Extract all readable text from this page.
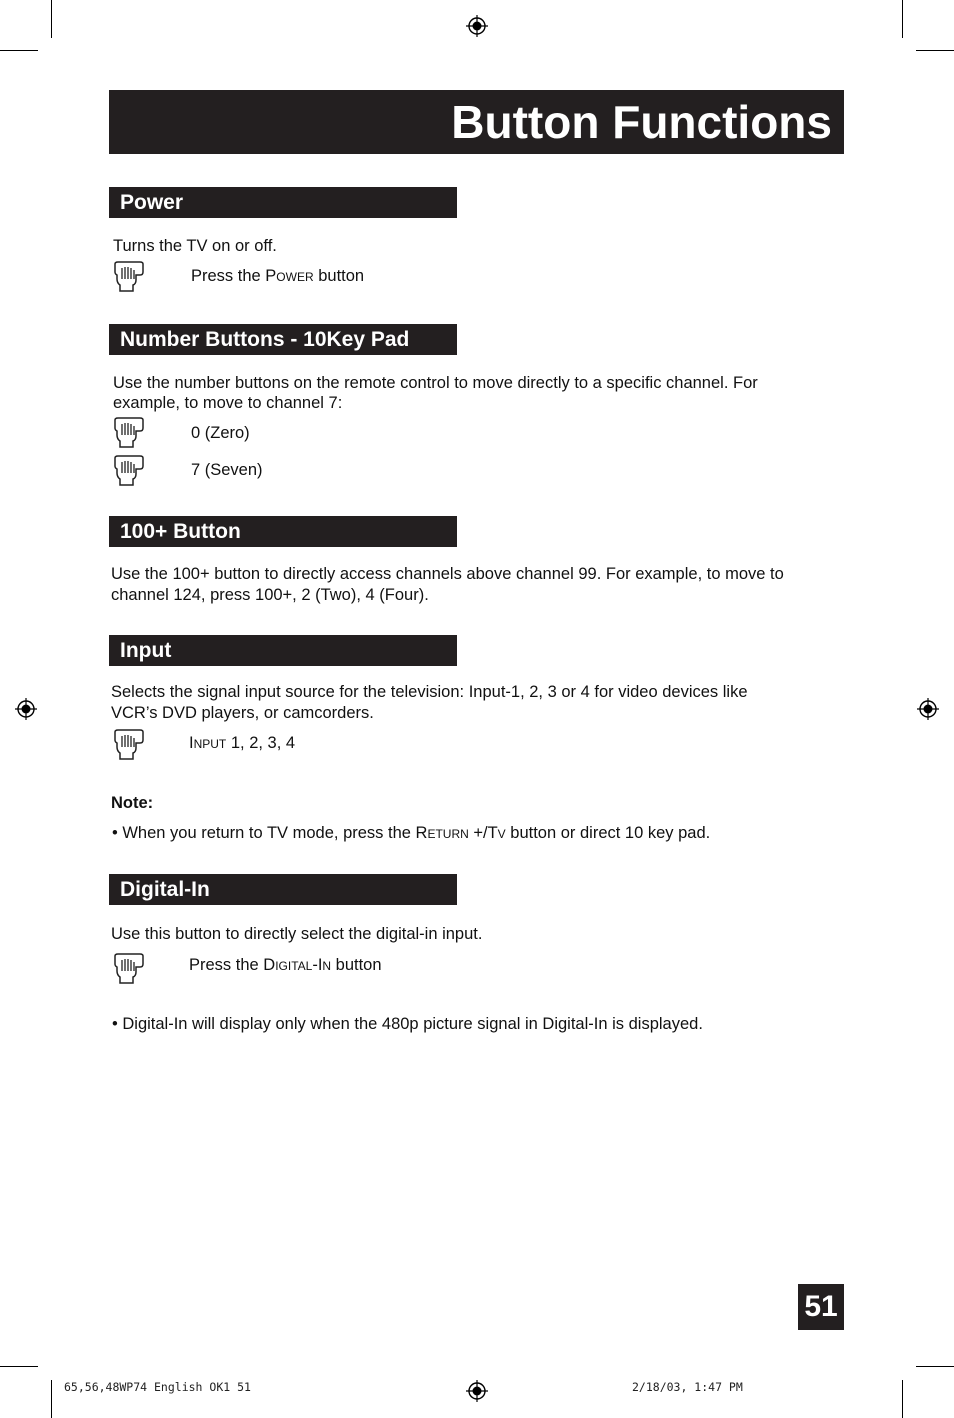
Button Functions
Power
Turns the TV on or off.
Press the Power button
Number Buttons - 10Key Pad
Use the number buttons on the remote control to move directly to a specific channel. For
example, to move to channel 7:
0 (Zero)
7 (Seven)
100+ Button
Use the 100+ button to directly access channels above channel 99. For example, to move to
channel 124, press 100+, 2 (Two), 4 (Four).
Input
Selects the signal input source for the television: Input-1, 2, 3 or 4 for video devices like
VCR’s DVD players, or camcorders.
Input 1, 2, 3, 4
Note:
• When you return to TV mode, press the Return +/Tv button or direct 10 key pad.
Digital-In
Use this button to directly select the digital-in input.
Press the Digital-In button
• Digital-In will display only when the 480p picture signal in Digital-In is displayed.
51
65,56,48WP74 English OK1 51	2/18/03, 1:47 PM
